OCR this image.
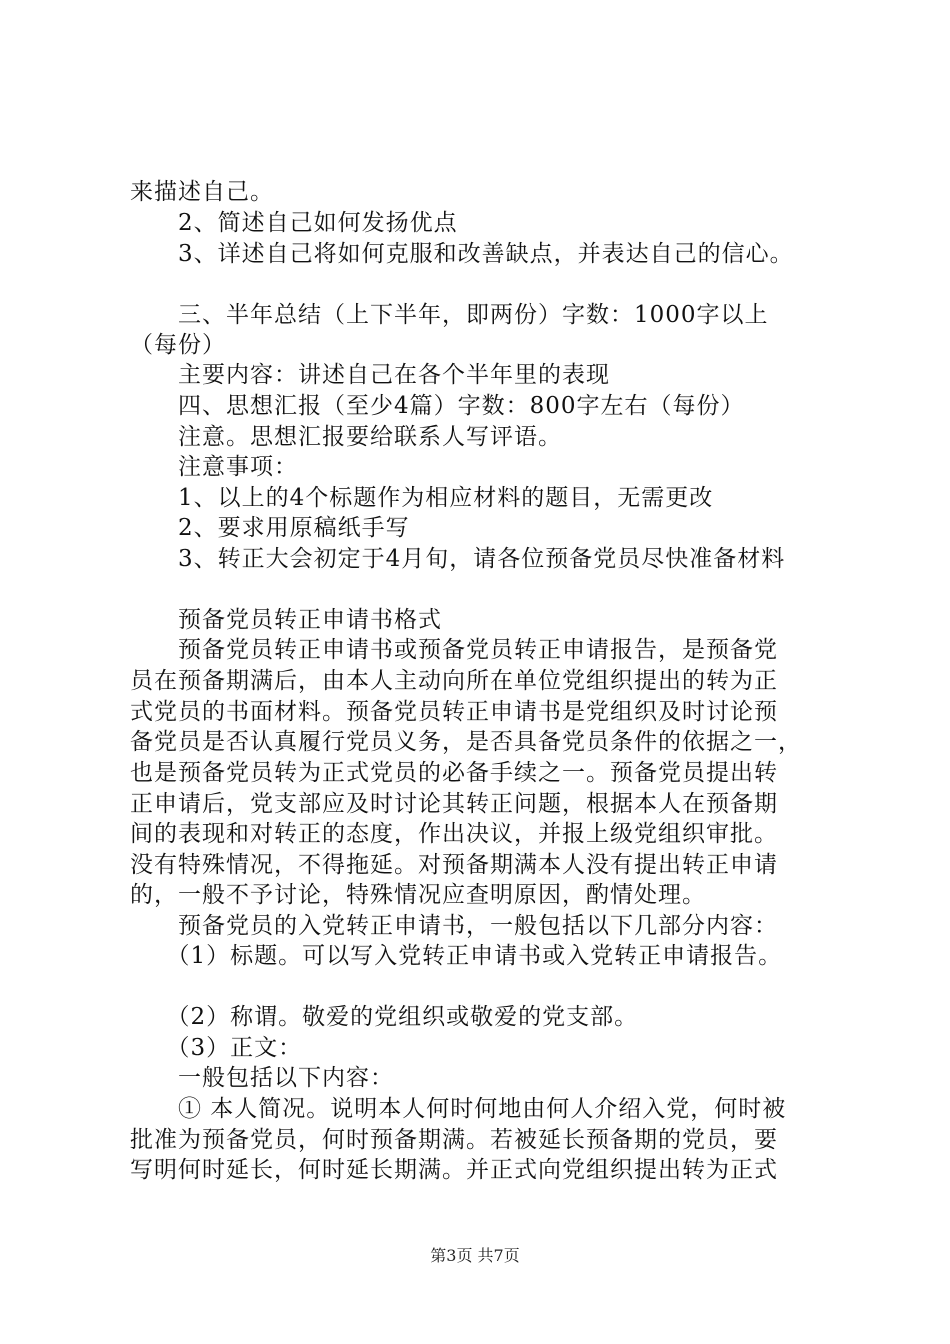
来描述自己。
　　2、简述自己如何发扬优点
　　3、详述自己将如何克服和改善缺点，并表达自己的信心。
　　三、半年总结（上下半年，即两份）字数：1000字以上
（每份）
　　主要内容：讲述自己在各个半年里的表现
　　四、思想汇报（至少4篇）字数：800字左右（每份）
　　注意。思想汇报要给联系人写评语。
　　注意事项：
　　1、以上的4个标题作为相应材料的题目，无需更改
　　2、要求用原稿纸手写
　　3、转正大会初定于4月旬，请各位预备党员尽快准备材料
　　预备党员转正申请书格式
　　预备党员转正申请书或预备党员转正申请报告，是预备党
员在预备期满后，由本人主动向所在单位党组织提出的转为正
式党员的书面材料。预备党员转正申请书是党组织及时讨论预
备党员是否认真履行党员义务，是否具备党员条件的依据之一，
也是预备党员转为正式党员的必备手续之一。预备党员提出转
正申请后，党支部应及时讨论其转正问题，根据本人在预备期
间的表现和对转正的态度，作出决议，并报上级党组织审批。
没有特殊情况，不得拖延。对预备期满本人没有提出转正申请
的，一般不予讨论，特殊情况应查明原因，酌情处理。
　　预备党员的入党转正申请书，一般包括以下几部分内容：
　　（1）标题。可以写入党转正申请书或入党转正申请报告。
　　（2）称谓。敬爱的党组织或敬爱的党支部。
　　（3）正文：
　　一般包括以下内容：
　　① 本人简况。说明本人何时何地由何人介绍入党，何时被
批准为预备党员，何时预备期满。若被延长预备期的党员，要
写明何时延长，何时延长期满。并正式向党组织提出转为正式
第3页 共7页
